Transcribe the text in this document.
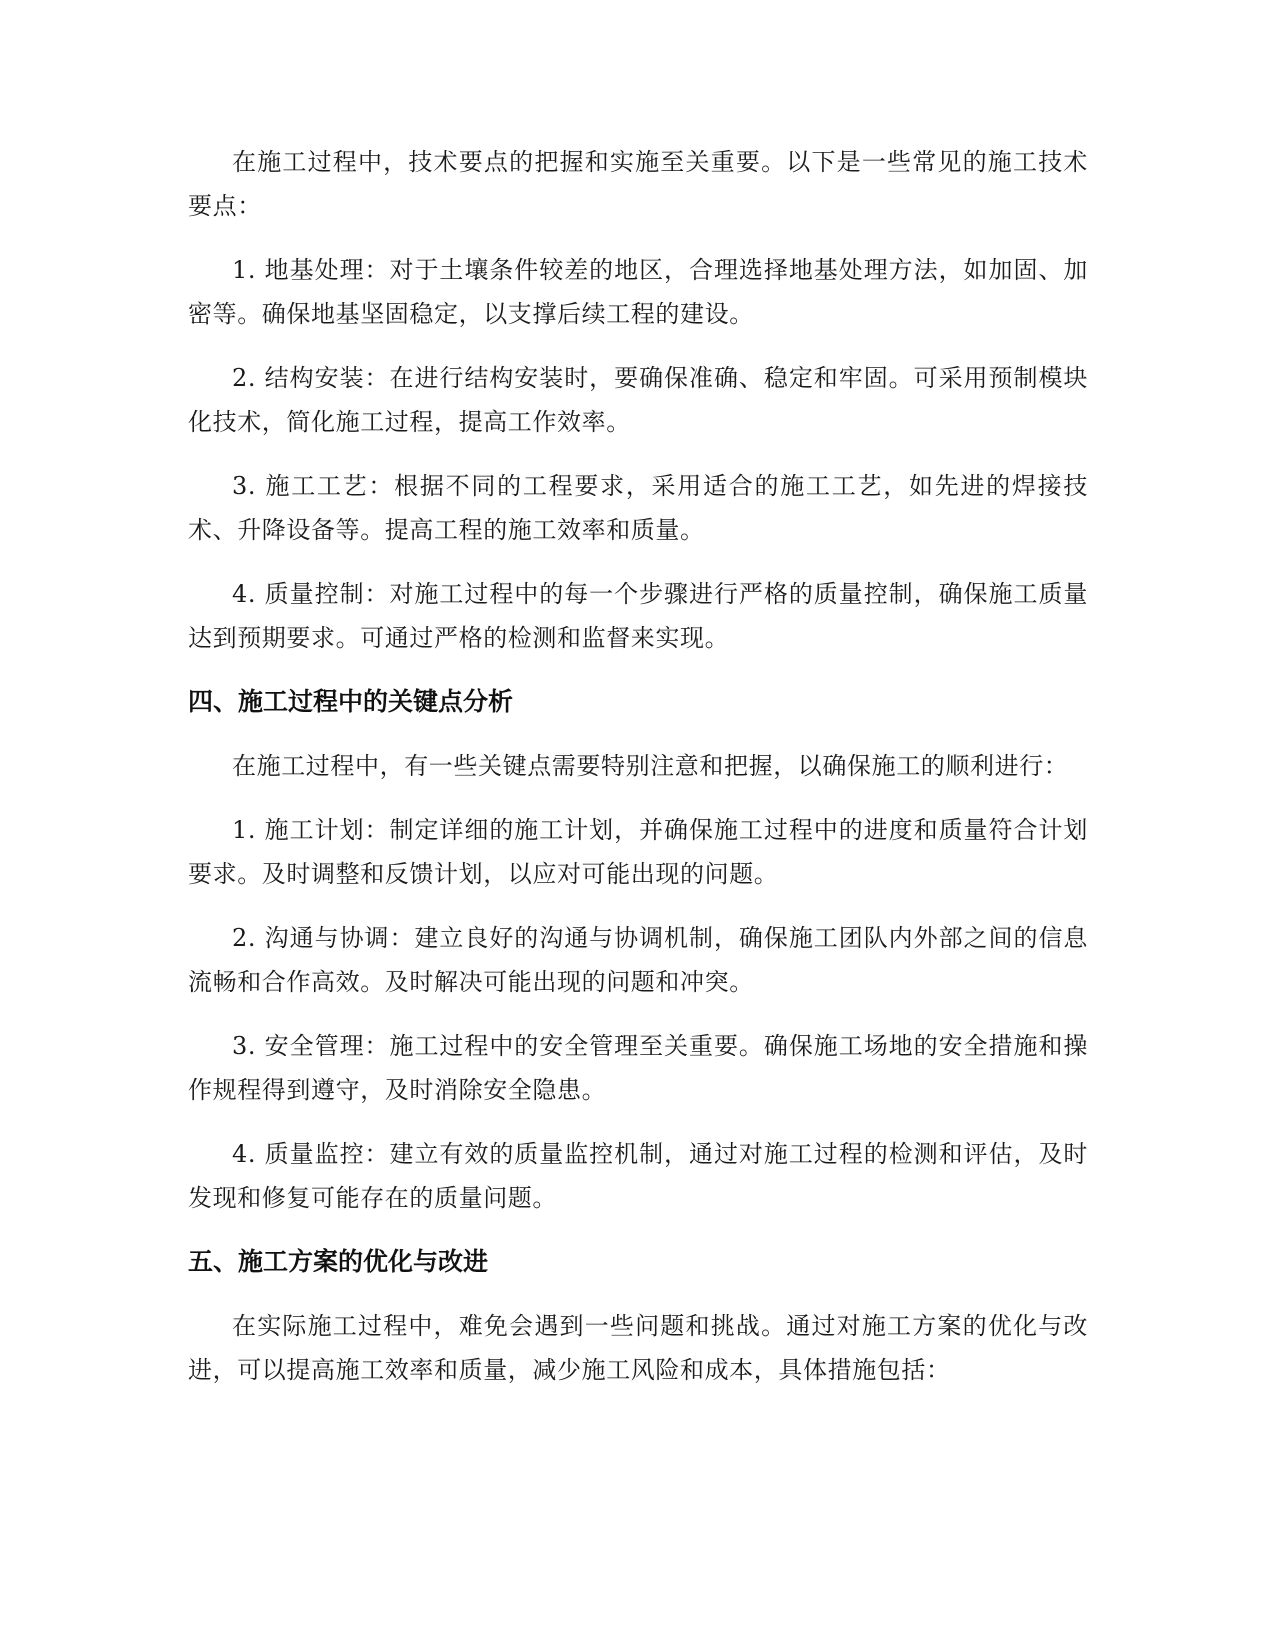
在施工过程中，技术要点的把握和实施至关重要。以下是一些常见的施工技术要点：

1. 地基处理：对于土壤条件较差的地区，合理选择地基处理方法，如加固、加密等。确保地基坚固稳定，以支撑后续工程的建设。

2. 结构安装：在进行结构安装时，要确保准确、稳定和牢固。可采用预制模块化技术，简化施工过程，提高工作效率。

3. 施工工艺：根据不同的工程要求，采用适合的施工工艺，如先进的焊接技术、升降设备等。提高工程的施工效率和质量。

4. 质量控制：对施工过程中的每一个步骤进行严格的质量控制，确保施工质量达到预期要求。可通过严格的检测和监督来实现。

四、施工过程中的关键点分析

在施工过程中，有一些关键点需要特别注意和把握，以确保施工的顺利进行：

1. 施工计划：制定详细的施工计划，并确保施工过程中的进度和质量符合计划要求。及时调整和反馈计划，以应对可能出现的问题。

2. 沟通与协调：建立良好的沟通与协调机制，确保施工团队内外部之间的信息流畅和合作高效。及时解决可能出现的问题和冲突。

3. 安全管理：施工过程中的安全管理至关重要。确保施工场地的安全措施和操作规程得到遵守，及时消除安全隐患。

4. 质量监控：建立有效的质量监控机制，通过对施工过程的检测和评估，及时发现和修复可能存在的质量问题。

五、施工方案的优化与改进

在实际施工过程中，难免会遇到一些问题和挑战。通过对施工方案的优化与改进，可以提高施工效率和质量，减少施工风险和成本，具体措施包括：
